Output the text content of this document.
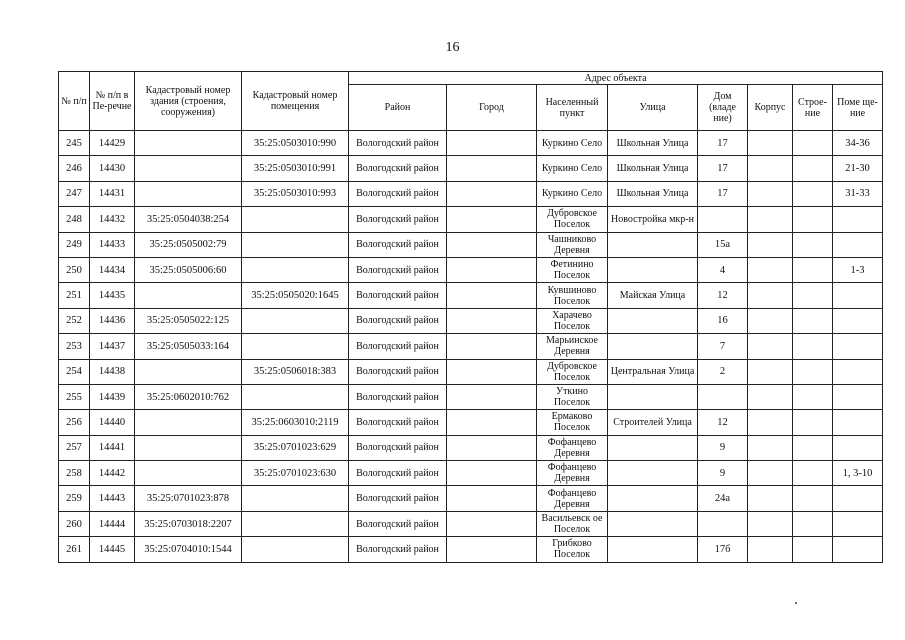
16
№ п/п	№ п/п в Пе-речне	Кадастровый номер здания (строения, сооружения)	Кадастровый номер помещения	Адрес объекта							
				Район	Город	Населенный пункт	Улица	Дом (владе ние)	Корпус	Строе-ние	Поме ще-ние
245	14429		35:25:0503010:990	Вологодский район		Куркино Село	Школьная Улица	17			34-36
246	14430		35:25:0503010:991	Вологодский район		Куркино Село	Школьная Улица	17			21-30
247	14431		35:25:0503010:993	Вологодский район		Куркино Село	Школьная Улица	17			31-33
248	14432	35:25:0504038:254		Вологодский район		Дубровское Поселок	Новостройка мкр-н				
249	14433	35:25:0505002:79		Вологодский район		Чашниково Деревня		15а			
250	14434	35:25:0505006:60		Вологодский район		Фетинино Поселок		4			1-3
251	14435		35:25:0505020:1645	Вологодский район		Кувшиново Поселок	Майская Улица	12			
252	14436	35:25:0505022:125		Вологодский район		Харачево Поселок		16			
253	14437	35:25:0505033:164		Вологодский район		Марьинское Деревня		7			
254	14438		35:25:0506018:383	Вологодский район		Дубровское Поселок	Центральная Улица	2			
255	14439	35:25:0602010:762		Вологодский район		Уткино Поселок					
256	14440		35:25:0603010:2119	Вологодский район		Ермаково Поселок	Строителей Улица	12			
257	14441		35:25:0701023:629	Вологодский район		Фофанцево Деревня		9			
258	14442		35:25:0701023:630	Вологодский район		Фофанцево Деревня		9			1, 3-10
259	14443	35:25:0701023:878		Вологодский район		Фофанцево Деревня		24а			
260	14444	35:25:0703018:2207		Вологодский район		Васильевск ое Поселок					
261	14445	35:25:0704010:1544		Вологодский район		Грибково Поселок		17б			
